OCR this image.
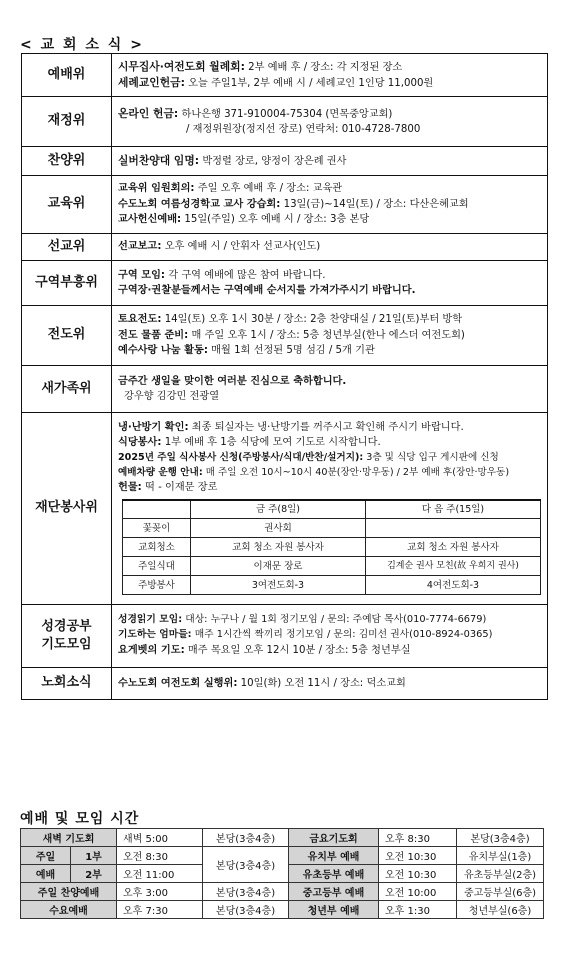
< 교 회 소 식 >
예배위	
시무집사·여전도회 월례회: 2부 예배 후 / 장소: 각 지정된 장소
세례교인헌금: 오늘 주일1부, 2부 예배 시 / 세례교인 1인당 11,000원

재정위	
온라인 헌금: 하나은행 371-910004-75304 (면목중앙교회)
/ 재정위원장(정지선 장로) 연락처: 010-4728-7800

찬양위	실버찬양대 임명: 박정렬 장로, 양정이 장은례 권사

교육위	
교육위 임원회의: 주일 오후 예배 후 / 장소: 교육관
수도노회 여름성경학교 교사 강습회: 13일(금)~14일(토) / 장소: 다산은혜교회
교사헌신예배: 15일(주일) 오후 예배 시 / 장소: 3층 본당

선교위	선교보고: 오후 예배 시 / 안휘자 선교사(인도)

구역부흥위	구역 모임: 각 구역 예배에 많은 참여 바랍니다.
구역장·권찰분들께서는 구역예배 순서지를 가져가주시기 바랍니다.

전도위	
토요전도: 14일(토) 오후 1시 30분 / 장소: 2층 찬양대실 / 21일(토)부터 방학
전도 물품 준비: 매 주일 오후 1시 / 장소: 5층 청년부실(한나 에스더 여전도회)
예수사랑 나눔 활동: 매월 1회 선정된 5명 섬김 / 5개 기관

새가족위	금주간 생일을 맞이한 여러분 진심으로 축하합니다.
강우향 김강민 전광열

재단봉사위	
냉·난방기 확인: 최종 퇴실자는 냉·난방기를 꺼주시고 확인해 주시기 바랍니다.
식당봉사: 1부 예배 후 1층 식당에 모여 기도로 시작합니다.
2025년 주일 식사봉사 신청(주방봉사/식대/반찬/설거지): 3층 및 식당 입구 게시판에 신청
예배차량 운행 안내: 매 주일 오전 10시~10시 40분(장안·망우동) / 2부 예배 후(장안·망우동)
헌물: 떡 - 이재문 장로
	금 주(8일)	다 음 주(15일)
꽃꽂이	권사회	
교회청소	교회 청소 자원 봉사자	교회 청소 자원 봉사자
주일식대	이재문 장로	김계순 권사 모친(故 우희지 권사)
주방봉사	3여전도회-3	4여전도회-3

성경공부
기도모임

성경읽기 모임: 대상: 누구나 / 월 1회 정기모임 / 문의: 주예담 목사(010-7774-6679)
기도하는 엄마들: 매주 1시간씩 짝끼리 정기모임 / 문의: 김미선 권사(010-8924-0365)
요게벳의 기도: 매주 목요일 오후 12시 10분 / 장소: 5층 청년부실

노회소식	수노도회 여전도회 실행위: 10일(화) 오전 11시 / 장소: 덕소교회
예배 및 모임 시간
새벽 기도회		새벽 5:00	본당(3층4층)	금요기도회	오후 8:30	본당(3층4층)
주일	1부	오전 8:30	본당(3층4층)	유치부 예배	오전 10:30	유치부실(1층)
예배	2부	오전 11:00		유초등부 예배	오전 10:30	유초등부실(2층)
주일 찬양예배		오후 3:00	본당(3층4층)	중고등부 예배	오전 10:00	중고등부실(6층)
수요예배		오후 7:30	본당(3층4층)	청년부 예배	오후 1:30	청년부실(6층)
